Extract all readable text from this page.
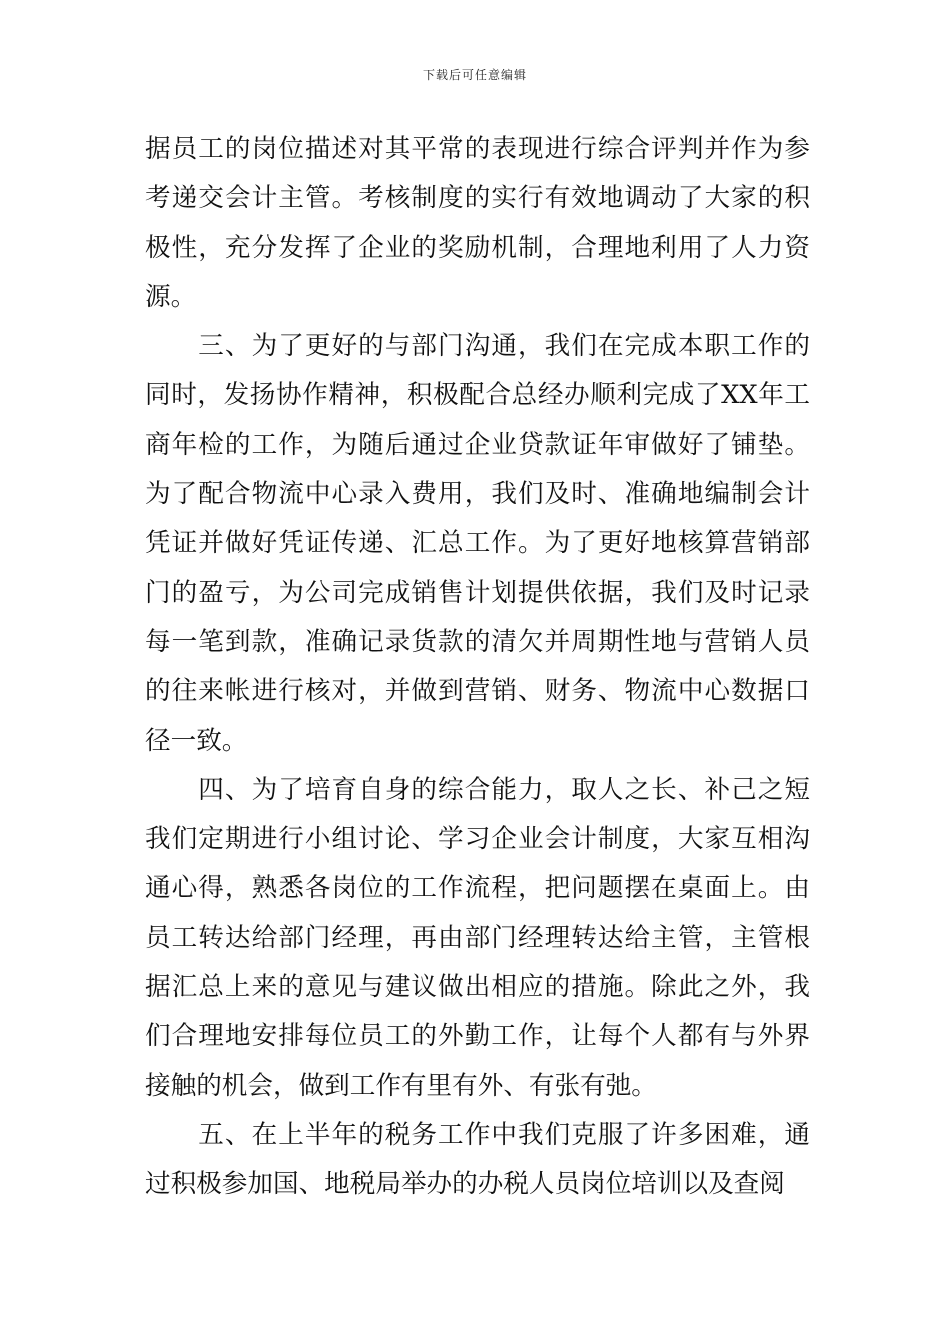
下载后可任意编辑

据员工的岗位描述对其平常的表现进行综合评判并作为参考递交会计主管。考核制度的实行有效地调动了大家的积极性，充分发挥了企业的奖励机制，合理地利用了人力资源。

　　三、为了更好的与部门沟通，我们在完成本职工作的同时，发扬协作精神，积极配合总经办顺利完成了XX年工商年检的工作，为随后通过企业贷款证年审做好了铺垫。为了配合物流中心录入费用，我们及时、准确地编制会计凭证并做好凭证传递、汇总工作。为了更好地核算营销部门的盈亏，为公司完成销售计划提供依据，我们及时记录每一笔到款，准确记录货款的清欠并周期性地与营销人员的往来帐进行核对，并做到营销、财务、物流中心数据口径一致。

　　四、为了培育自身的综合能力，取人之长、补己之短我们定期进行小组讨论、学习企业会计制度，大家互相沟通心得，熟悉各岗位的工作流程，把问题摆在桌面上。由员工转达给部门经理，再由部门经理转达给主管，主管根据汇总上来的意见与建议做出相应的措施。除此之外，我们合理地安排每位员工的外勤工作，让每个人都有与外界接触的机会，做到工作有里有外、有张有弛。

　　五、在上半年的税务工作中我们克服了许多困难，通过积极参加国、地税局举办的办税人员岗位培训以及查阅
